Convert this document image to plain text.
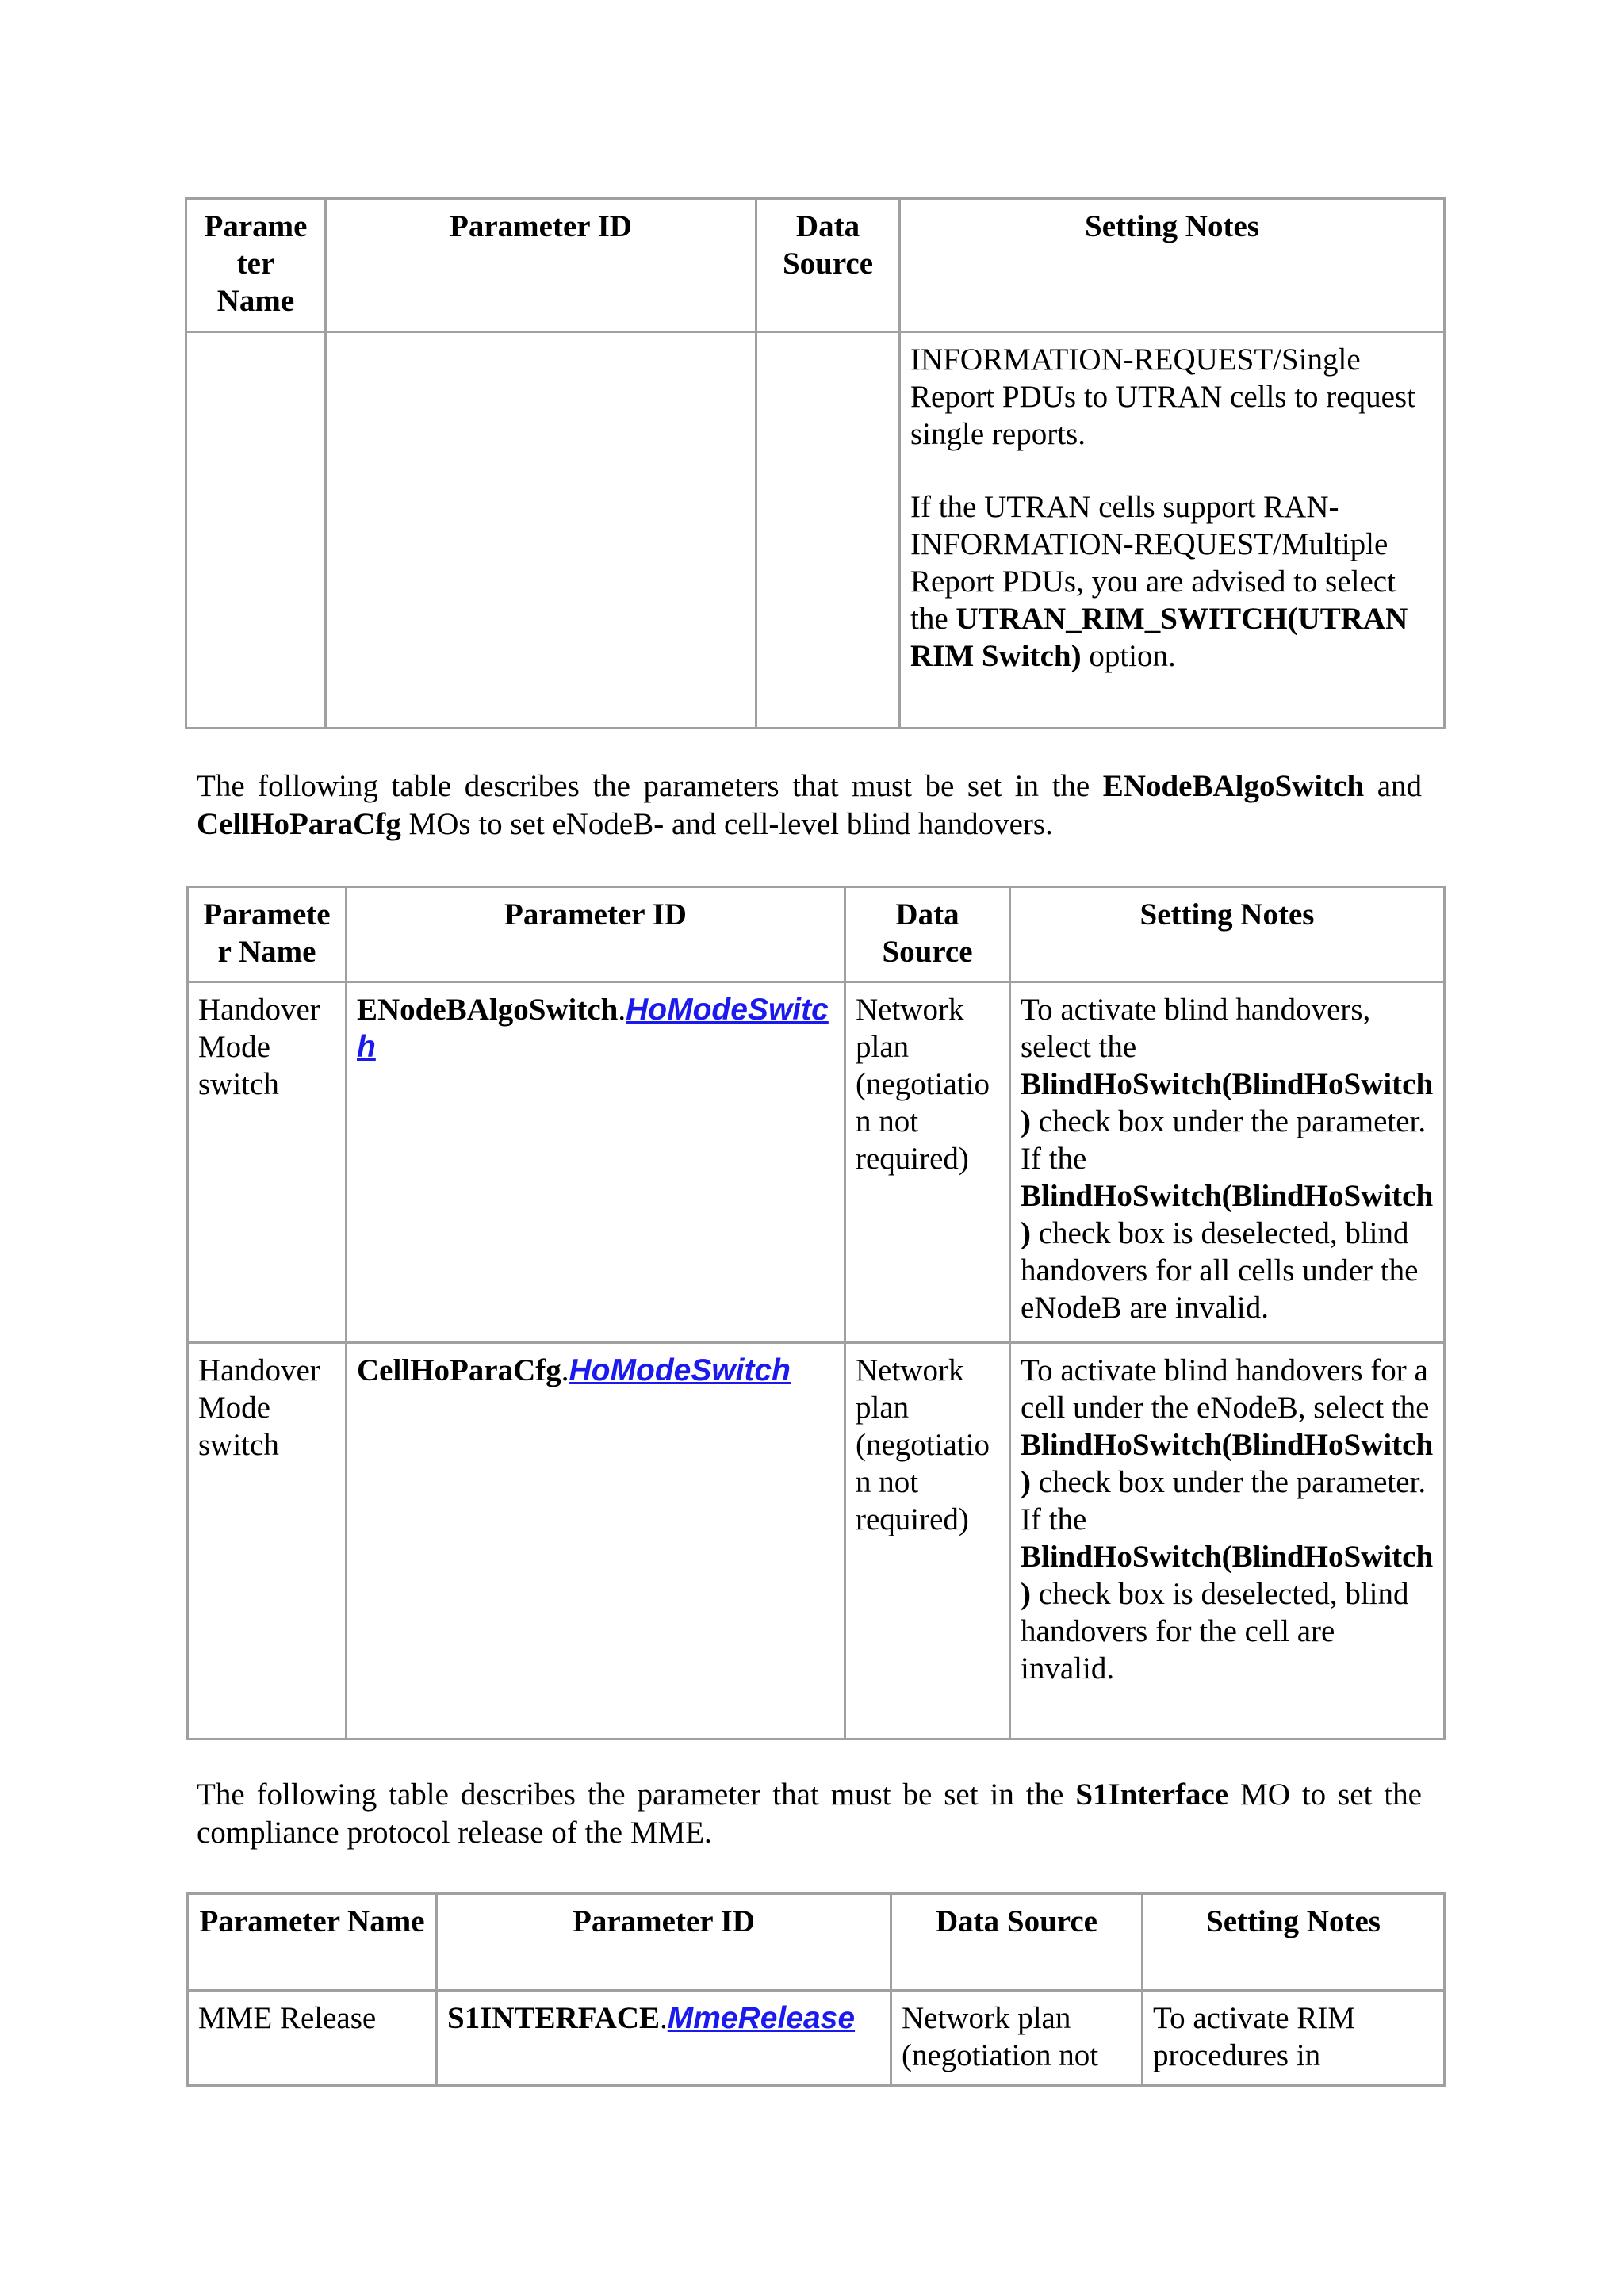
Parame ter Name	Parameter ID	Data Source	Setting Notes

			INFORMATION-REQUEST/Single Report PDUs to UTRAN cells to request single reports.
If the UTRAN cells support RAN-INFORMATION-REQUEST/Multiple Report PDUs, you are advised to select the UTRAN_RIM_SWITCH(UTRAN RIM Switch) option.
The following table describes the parameters that must be set in the ENodeBAlgoSwitch and CellHoParaCfg MOs to set eNodeB- and cell-level blind handovers.
Paramete r Name	Parameter ID	Data Source	Setting Notes
Handover Mode switch	ENodeBAlgoSwitch.HoModeSwitch	Network plan (negotiation not required)	To activate blind handovers, select the BlindHoSwitch(BlindHoSwitch) check box under the parameter. If the BlindHoSwitch(BlindHoSwitch) check box is deselected, blind handovers for all cells under the eNodeB are invalid.
Handover Mode switch	CellHoParaCfg.HoModeSwitch	Network plan (negotiation not required)	To activate blind handovers for a cell under the eNodeB, select the BlindHoSwitch(BlindHoSwitch) check box under the parameter. If the BlindHoSwitch(BlindHoSwitch) check box is deselected, blind handovers for the cell are invalid.
The following table describes the parameter that must be set in the S1Interface MO to set the compliance protocol release of the MME.
Parameter Name	Parameter ID	Data Source	Setting Notes
MME Release	S1INTERFACE.MmeRelease	Network plan (negotiation not	To activate RIM procedures in
